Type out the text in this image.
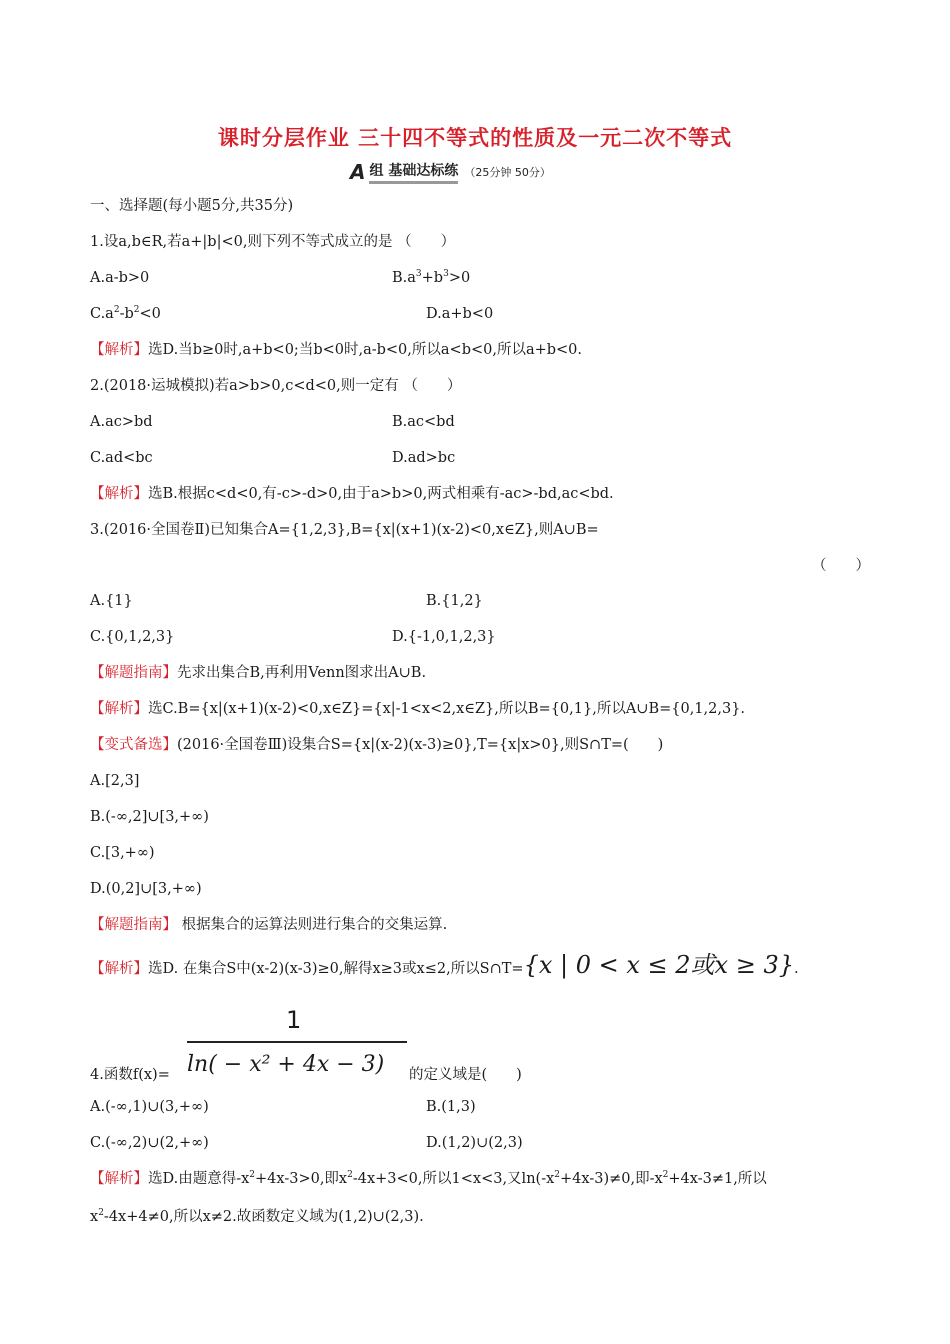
课时分层作业 三十四不等式的性质及一元二次不等式
A 组 基础达标练 （25分钟 50分）
一、选择题(每小题5分,共35分)
1.设a,b∈R,若a+|b|<0,则下列不等式成立的是 （　　）
A.a-b>0	$B.a^3+b^3>0$
$C.a^2-b^2<0$	D.a+b<0
【解析】选D.当b≥0时,a+b<0;当b<0时,a-b<0,所以a<b<0,所以a+b<0.
2.(2018·运城模拟)若a>b>0,c<d<0,则一定有 （　　）
A.ac>bd	B.ac<bd
C.ad<bc	D.ad>bc
【解析】选B.根据c<d<0,有-c>-d>0,由于a>b>0,两式相乘有-ac>-bd,ac<bd.
3.(2016·全国卷Ⅱ)已知集合A={1,2,3},B={x|(x+1)(x-2)<0,x∈Z},则A∪B=
（　　）
A.{1}	B.{1,2}
C.{0,1,2,3}	D.{-1,0,1,2,3}
【解题指南】先求出集合B,再利用Venn图求出A∪B.
【解析】选C.B={x|(x+1)(x-2)<0,x∈Z}={x|-1<x<2,x∈Z},所以B={0,1},所以A∪B={0,1,2,3}.
【变式备选】(2016·全国卷Ⅲ)设集合S={x|(x-2)(x-3)≥0},T={x|x>0},则S∩T=(　　)
A.[2,3]
B.(-∞,2]∪[3,+∞)
C.[3,+∞)
D.(0,2]∪[3,+∞)
【解题指南】 根据集合的运算法则进行集合的交集运算.
【解析】选D. 在集合S中(x-2)(x-3)≥0,解得x≥3或x≤2,所以S∩T={x | 0 < x ≤ 2或x ≥ 3}.
1
ln( − x² + 4x − 3)
4.函数f(x)=	的定义域是(　　)
A.(-∞,1)∪(3,+∞)	B.(1,3)
C.(-∞,2)∪(2,+∞)	D.(1,2)∪(2,3)
【解析】选D.由题意得$-x^2+4x-3>0$,即$x^2-4x+3<0$,所以1<x<3,又$\ln(-x^2+4x-3)\ne 0$,即$-x^2+4x-3\ne 1$,所以
$x^2-4x+4\ne 0$,所以x≠2.故函数定义域为(1,2)∪(2,3).
